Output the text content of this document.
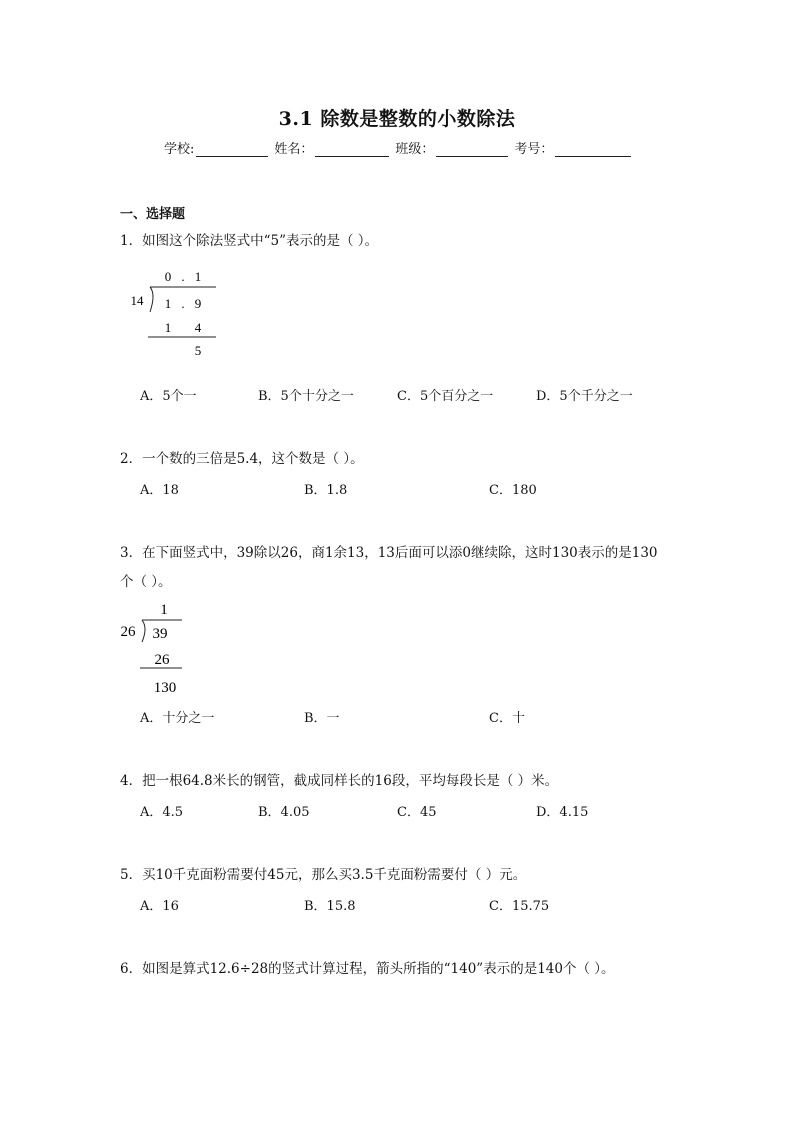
3.1 除数是整数的小数除法
学校:	姓名：	班级：	考号：
一、选择题
1．如图这个除法竖式中“5”表示的是（ ）。
0 . 1
14 1 . 9
1 4
5
A．5个一	B．5个十分之一	C．5个百分之一	D．5个千分之一
2．一个数的三倍是5.4，这个数是（ ）。
A．18	B．1.8	C．180
3．在下面竖式中，39除以26，商1余13，13后面可以添0继续除，这时130表示的是130
个（ ）。
1
26 39
26
130
A．十分之一	B．一	C．十
4．把一根64.8米长的钢管，截成同样长的16段，平均每段长是（ ）米。
A．4.5	B．4.05	C．45	D．4.15
5．买10千克面粉需要付45元，那么买3.5千克面粉需要付（ ）元。
A．16	B．15.8	C．15.75
6．如图是算式12.6÷28的竖式计算过程，箭头所指的“140”表示的是140个（ ）。
